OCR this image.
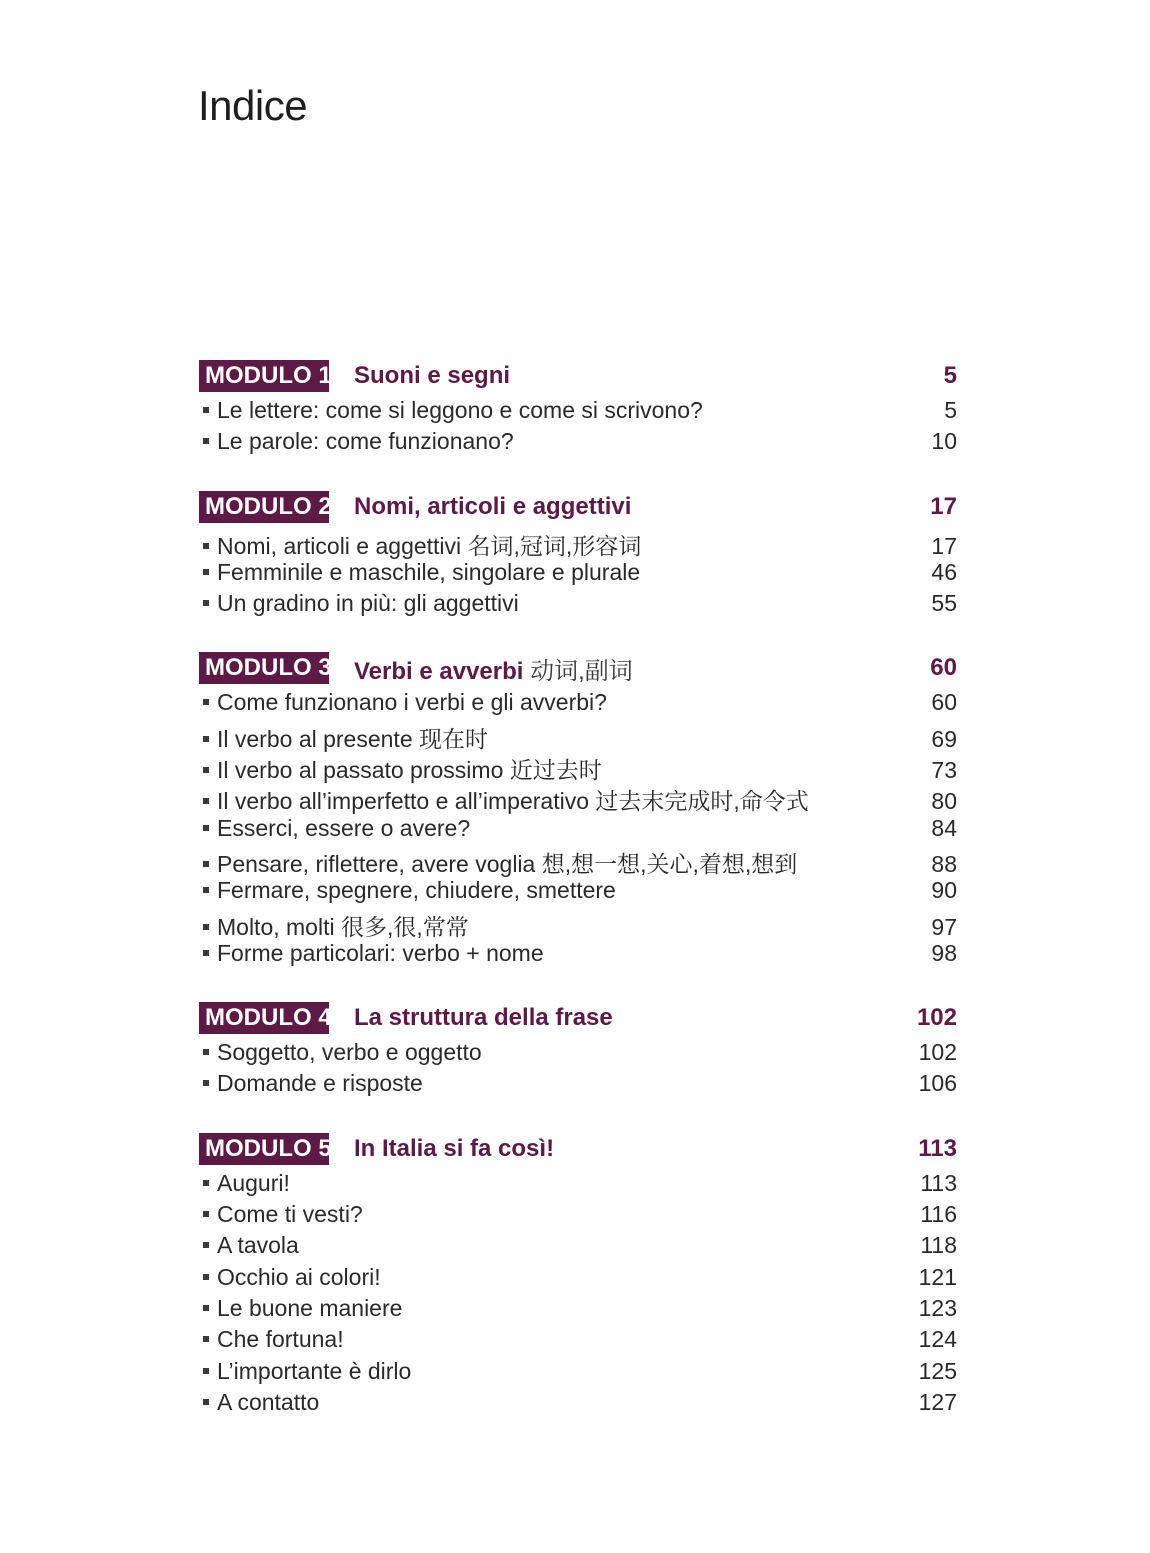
Indice
MODULO 1 Suoni e segni	5
Le lettere: come si leggono e come si scrivono?	5
Le parole: come funzionano?	10
MODULO 2 Nomi, articoli e aggettivi	17
Nomi, articoli e aggettivi 名词,冠词,形容词	17
Femminile e maschile, singolare e plurale	46
Un gradino in più: gli aggettivi	55
MODULO 3 Verbi e avverbi 动词,副词	60
Come funzionano i verbi e gli avverbi?	60
Il verbo al presente 现在时	69
Il verbo al passato prossimo 近过去时	73
Il verbo all’imperfetto e all’imperativo 过去末完成时,命令式	80
Esserci, essere o avere?	84
Pensare, riflettere, avere voglia 想,想一想,关心,着想,想到	88
Fermare, spegnere, chiudere, smettere	90
Molto, molti 很多,很,常常	97
Forme particolari: verbo + nome	98
MODULO 4 La struttura della frase	102
Soggetto, verbo e oggetto	102
Domande e risposte	106
MODULO 5 In Italia si fa così!	113
Auguri!	113
Come ti vesti?	116
A tavola	118
Occhio ai colori!	121
Le buone maniere	123
Che fortuna!	124
L’importante è dirlo	125
A contatto	127
